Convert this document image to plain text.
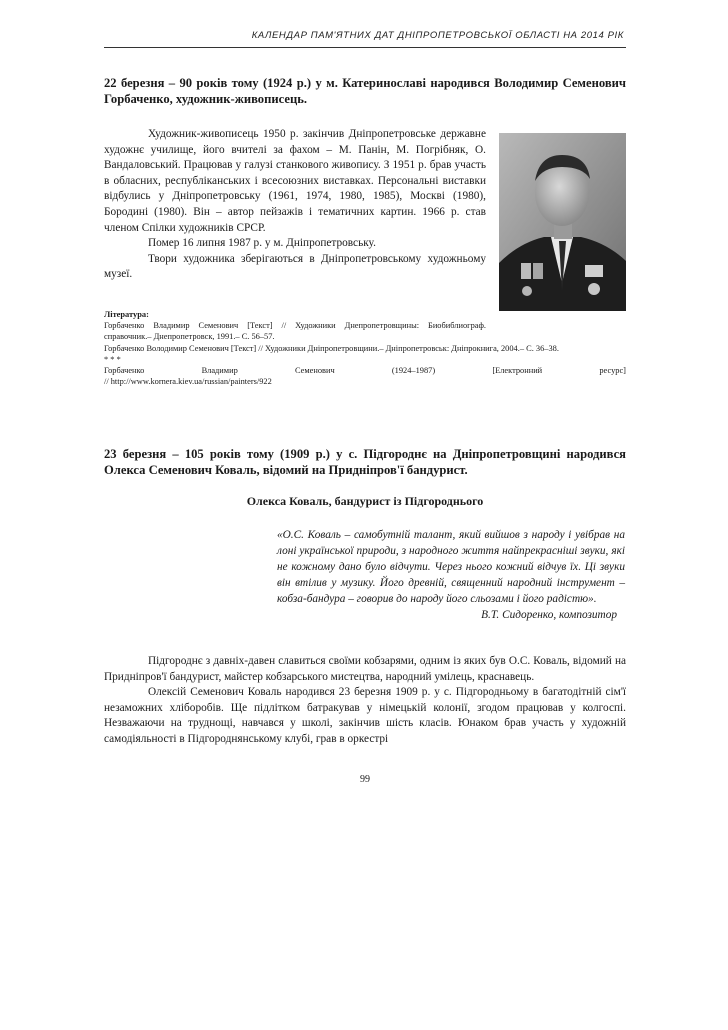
КАЛЕНДАР ПАМ'ЯТНИХ ДАТ ДНІПРОПЕТРОВСЬКОЇ ОБЛАСТІ НА 2014 РІК

22 березня – 90 років тому (1924 р.) у м. Катеринославі народився Володимир Семенович Горбаченко, художник-живописець.

Художник-живописець 1950 р. закінчив Дніпропетровське державне художнє училище, його вчителі за фахом – М. Панін, М. Погрібняк, О. Вандаловський. Працював у галузі станкового живопису. З 1951 р. брав участь в обласних, республіканських і всесоюзних виставках. Персональні виставки відбулись у Дніпропетровську (1961, 1974, 1980, 1985), Москві (1980), Бородині (1980). Він – автор пейзажів і тематичних картин. 1966 р. став членом Спілки художників СРСР.

Помер 16 липня 1987 р. у м. Дніпропетровську.

Твори художника зберігаються в Дніпропетровському художньому музеї.

Література:

Горбаченко Владимир Семенович [Текст] // Художники Днепропетровщины: Биобиблиограф. справочник.– Днепропетровск, 1991.– С. 56–57.

Горбаченко Володимир Семенович [Текст] // Художники Дніпропетровщини.– Дніпропетровськ: Дніпрокнига, 2004.– С. 36–38.

* * *

Горбаченко	Владимир	Семенович	(1924–1987)	[Електронний	ресурс]

// http://www.kornera.kiev.ua/russian/painters/922

23 березня – 105 років тому (1909 р.) у с. Підгороднє на Дніпропетровщині народився Олекса Семенович Коваль, відомий на Придніпров'ї бандурист.

Олекса Коваль, бандурист із Підгороднього

«О.С. Коваль – самобутній талант, який вийшов з народу і увібрав на лоні української природи, з народного життя найпрекрасніші звуки, які не кожному дано було відчути. Через нього кожний відчув їх. Ці звуки він втілив у музику. Його древній, священний народний інструмент – кобза-бандура – говорив до народу його сльозами і його радістю».

В.Т. Сидоренко, композитор

Підгороднє з давніх-давен славиться своїми кобзарями, одним із яких був О.С. Коваль, відомий на Придніпров'ї бандурист, майстер кобзарського мистецтва, народний умілець, краснавець.

Олексій Семенович Коваль народився 23 березня 1909 р. у с. Підгородньому в багатодітній сім'ї незаможних хліборобів. Ще підлітком батракував у німецькій колонії, згодом працював у колгоспі. Незважаючи на труднощі, навчався у школі, закінчив шість класів. Юнаком брав участь у художній самодіяльності в Підгороднянському клубі, грав в оркестрі

99
